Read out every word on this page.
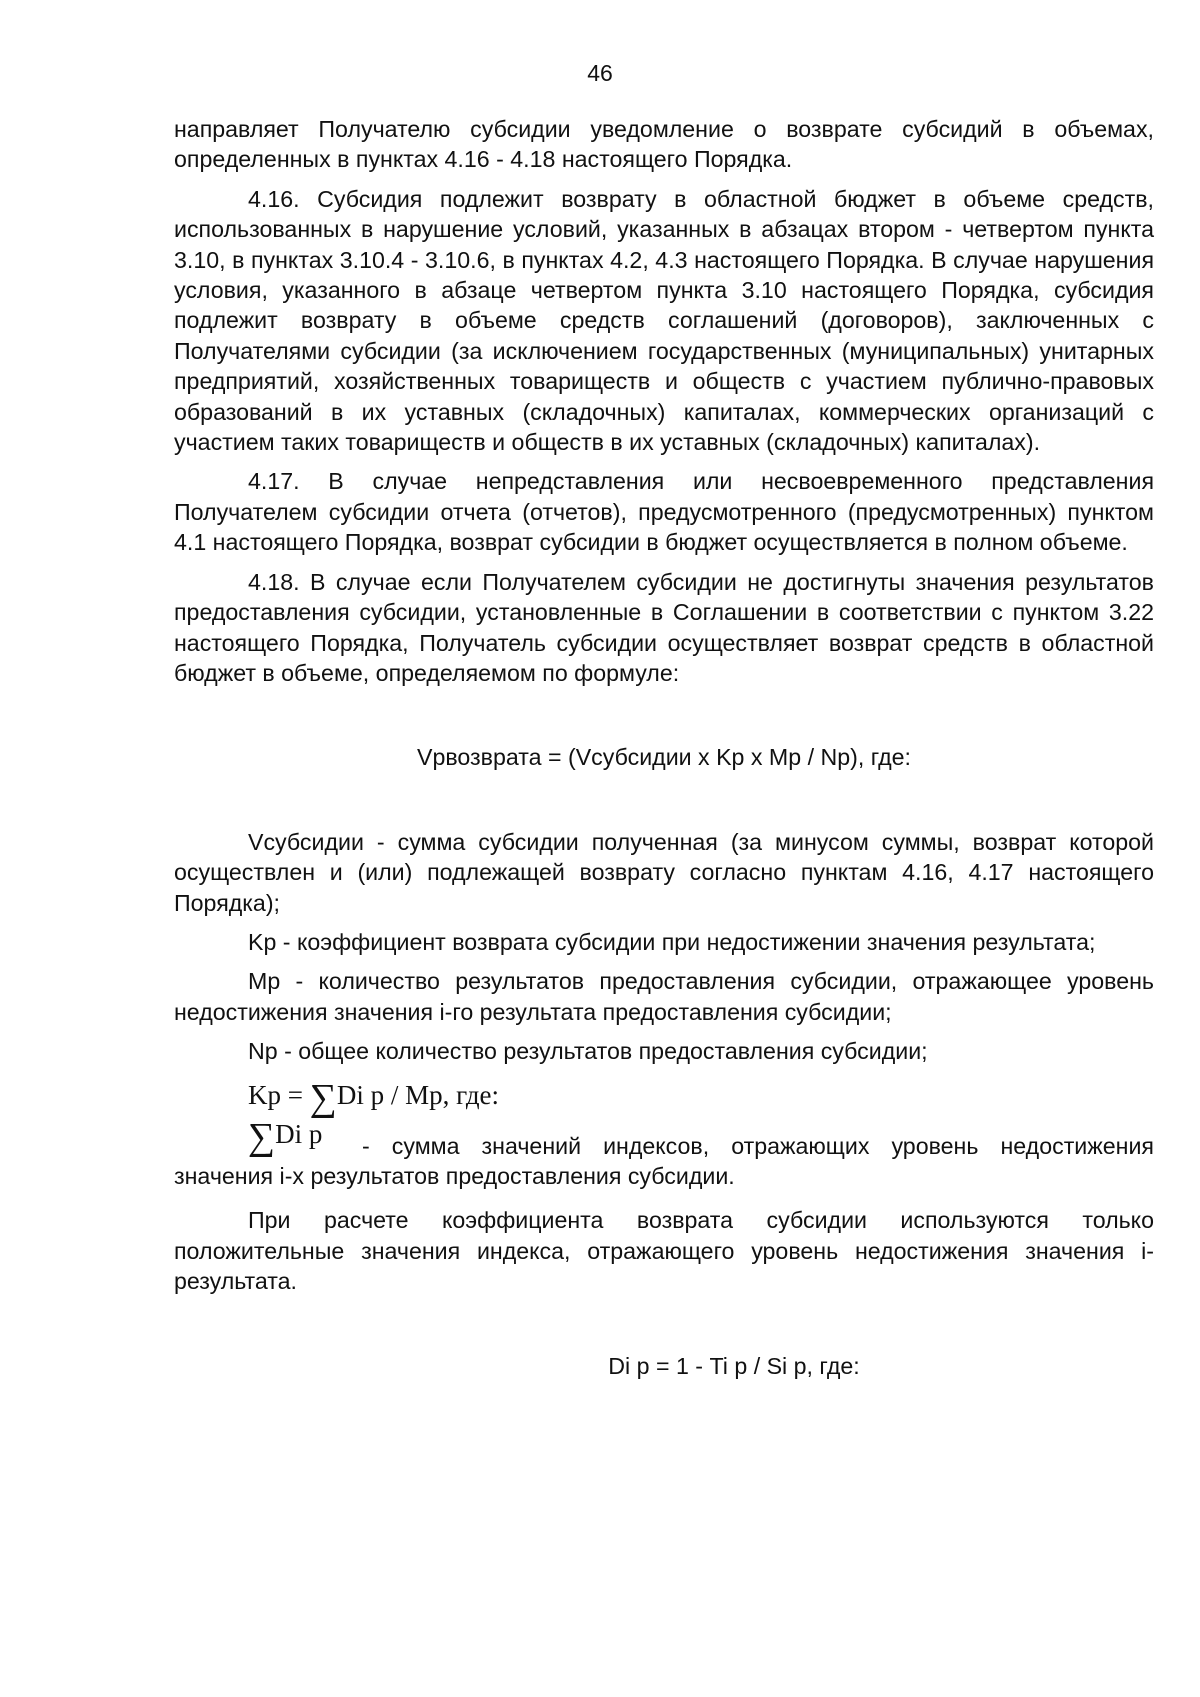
46

направляет Получателю субсидии уведомление о возврате субсидий в объемах, определенных в пунктах 4.16 - 4.18 настоящего Порядка.

4.16. Субсидия подлежит возврату в областной бюджет в объеме средств, использованных в нарушение условий, указанных в абзацах втором - четвертом пункта 3.10, в пунктах 3.10.4 - 3.10.6, в пунктах 4.2, 4.3 настоящего Порядка. В случае нарушения условия, указанного в абзаце четвертом пункта 3.10 настоящего Порядка, субсидия подлежит возврату в объеме средств соглашений (договоров), заключенных с Получателями субсидии (за исключением государственных (муниципальных) унитарных предприятий, хозяйственных товариществ и обществ с участием публично-правовых образований в их уставных (складочных) капиталах, коммерческих организаций с участием таких товариществ и обществ в их уставных (складочных) капиталах).

4.17. В случае непредставления или несвоевременного представления Получателем субсидии отчета (отчетов), предусмотренного (предусмотренных) пунктом 4.1 настоящего Порядка, возврат субсидии в бюджет осуществляется в полном объеме.

4.18. В случае если Получателем субсидии не достигнуты значения результатов предоставления субсидии, установленные в Соглашении в соответствии с пунктом 3.22 настоящего Порядка, Получатель субсидии осуществляет возврат средств в областной бюджет в объеме, определяемом по формуле:

Vрвозврата = (Vсубсидии x Kр x Mр / Nр), где:

Vсубсидии - сумма субсидии полученная (за минусом суммы, возврат которой осуществлен и (или) подлежащей возврату согласно пунктам 4.16, 4.17 настоящего Порядка);

Kр - коэффициент возврата субсидии при недостижении значения результата;

Mр - количество результатов предоставления субсидии, отражающее уровень недостижения значения i-го результата предоставления субсидии;

Nр - общее количество результатов предоставления субсидии;

Kр = ∑Di р / Mр, где:
∑Di р	- сумма значений индексов, отражающих уровень недостижения значения i-х результатов предоставления субсидии.

При расчете коэффициента возврата субсидии используются только положительные значения индекса, отражающего уровень недостижения значения i-результата.

Di р = 1 - Ti р / Si р, где:
